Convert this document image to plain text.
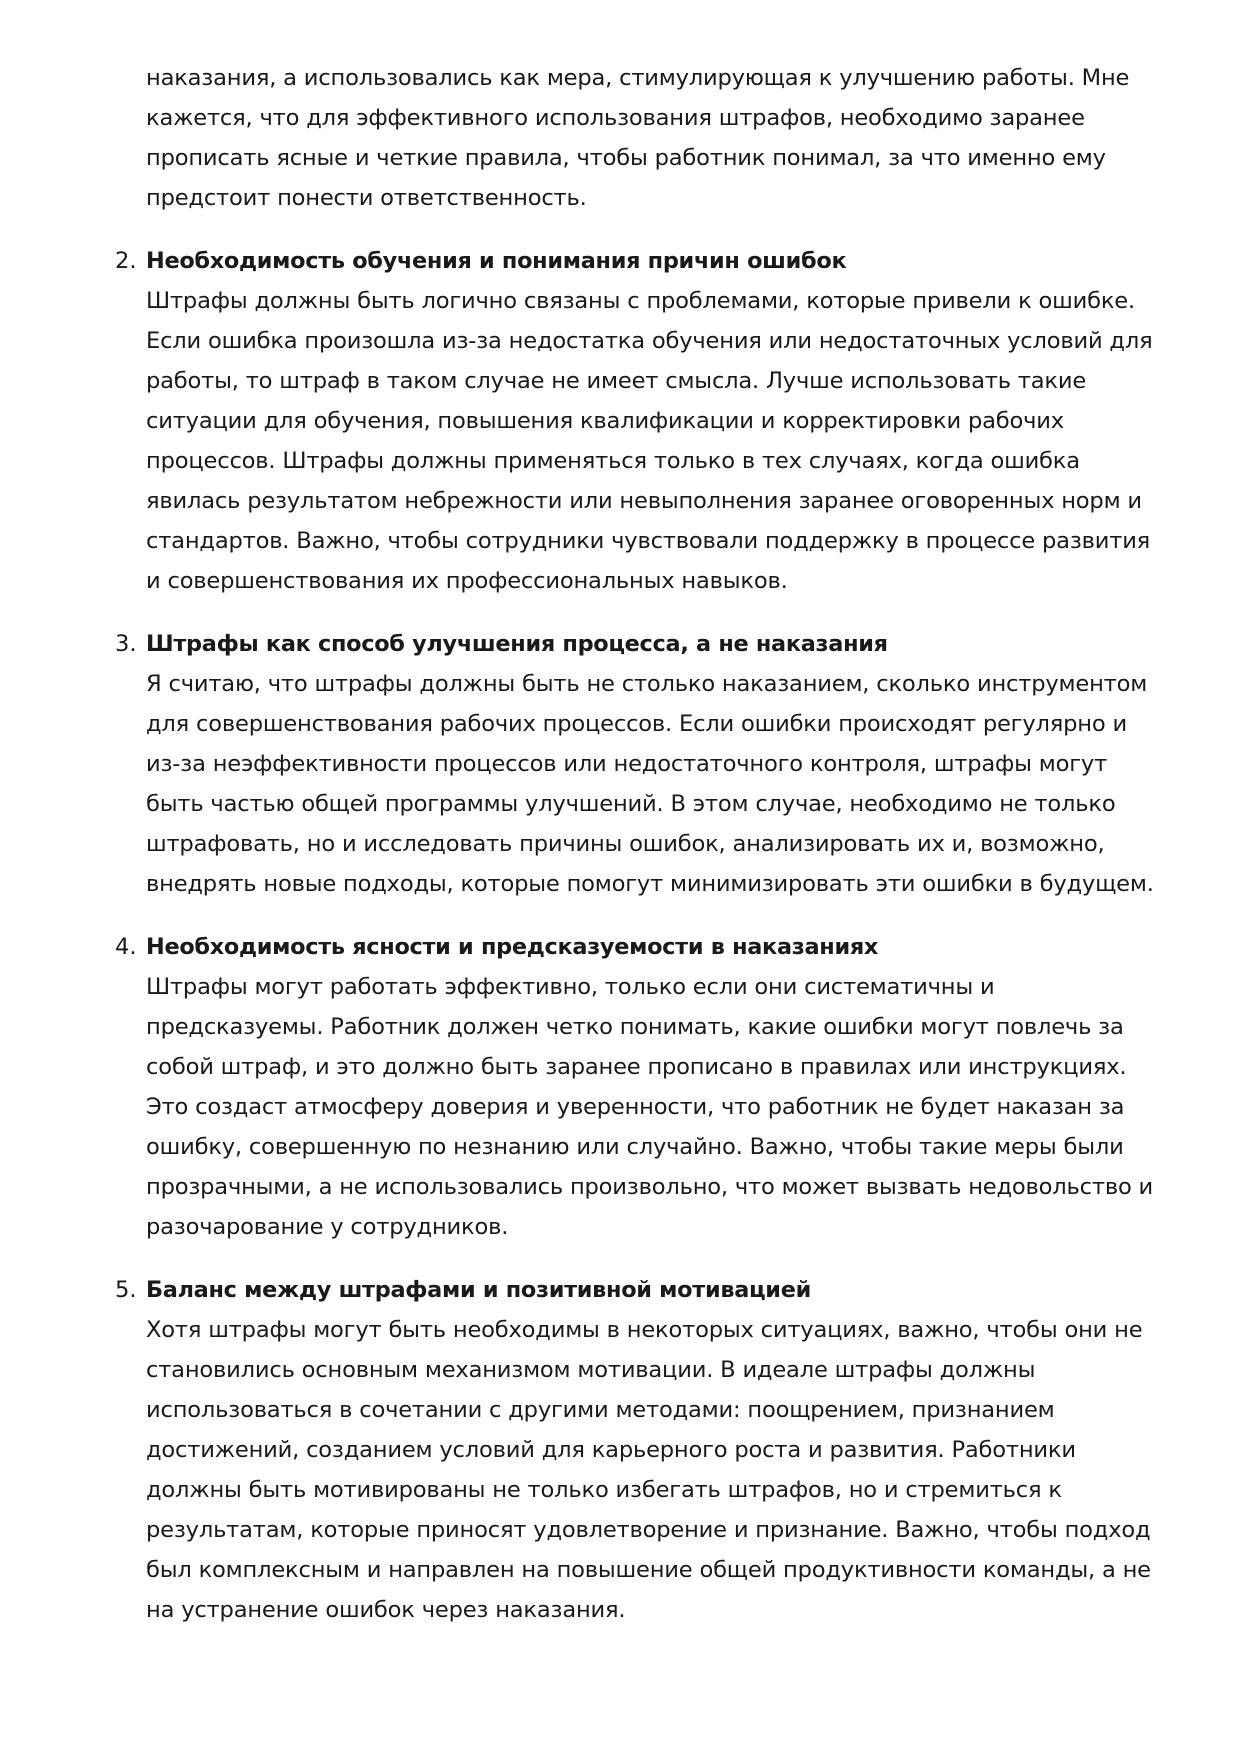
наказания, а использовались как мера, стимулирующая к улучшению работы. Мне кажется, что для эффективного использования штрафов, необходимо заранее прописать ясные и четкие правила, чтобы работник понимал, за что именно ему предстоит понести ответственность.

2. Необходимость обучения и понимания причин ошибок

Штрафы должны быть логично связаны с проблемами, которые привели к ошибке. Если ошибка произошла из-за недостатка обучения или недостаточных условий для работы, то штраф в таком случае не имеет смысла. Лучше использовать такие ситуации для обучения, повышения квалификации и корректировки рабочих процессов. Штрафы должны применяться только в тех случаях, когда ошибка явилась результатом небрежности или невыполнения заранее оговоренных норм и стандартов. Важно, чтобы сотрудники чувствовали поддержку в процессе развития и совершенствования их профессиональных навыков.

3. Штрафы как способ улучшения процесса, а не наказания

Я считаю, что штрафы должны быть не столько наказанием, сколько инструментом для совершенствования рабочих процессов. Если ошибки происходят регулярно и из-за неэффективности процессов или недостаточного контроля, штрафы могут быть частью общей программы улучшений. В этом случае, необходимо не только штрафовать, но и исследовать причины ошибок, анализировать их и, возможно, внедрять новые подходы, которые помогут минимизировать эти ошибки в будущем.

4. Необходимость ясности и предсказуемости в наказаниях

Штрафы могут работать эффективно, только если они систематичны и предсказуемы. Работник должен четко понимать, какие ошибки могут повлечь за собой штраф, и это должно быть заранее прописано в правилах или инструкциях. Это создаст атмосферу доверия и уверенности, что работник не будет наказан за ошибку, совершенную по незнанию или случайно. Важно, чтобы такие меры были прозрачными, а не использовались произвольно, что может вызвать недовольство и разочарование у сотрудников.

5. Баланс между штрафами и позитивной мотивацией

Хотя штрафы могут быть необходимы в некоторых ситуациях, важно, чтобы они не становились основным механизмом мотивации. В идеале штрафы должны использоваться в сочетании с другими методами: поощрением, признанием достижений, созданием условий для карьерного роста и развития. Работники должны быть мотивированы не только избегать штрафов, но и стремиться к результатам, которые приносят удовлетворение и признание. Важно, чтобы подход был комплексным и направлен на повышение общей продуктивности команды, а не на устранение ошибок через наказания.
